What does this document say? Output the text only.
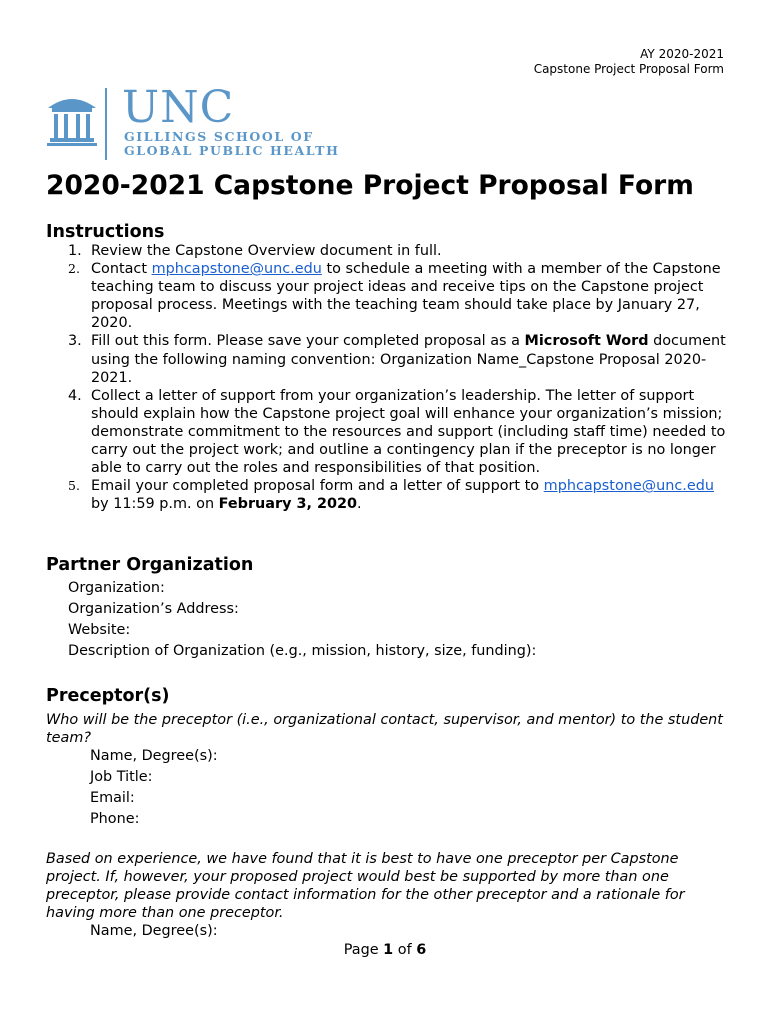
AY 2020-2021
Capstone Project Proposal Form
UNC
GILLINGS SCHOOL OF
GLOBAL PUBLIC HEALTH
2020-2021 Capstone Project Proposal Form
Instructions
1. Review the Capstone Overview document in full.
2. Contact mphcapstone@unc.edu to schedule a meeting with a member of the Capstone teaching team to discuss your project ideas and receive tips on the Capstone project proposal process. Meetings with the teaching team should take place by January 27, 2020.
3. Fill out this form. Please save your completed proposal as a Microsoft Word document using the following naming convention: Organization Name_Capstone Proposal 2020-2021.
4. Collect a letter of support from your organization’s leadership. The letter of support should explain how the Capstone project goal will enhance your organization’s mission; demonstrate commitment to the resources and support (including staff time) needed to carry out the project work; and outline a contingency plan if the preceptor is no longer able to carry out the roles and responsibilities of that position.
5. Email your completed proposal form and a letter of support to mphcapstone@unc.edu by 11:59 p.m. on February 3, 2020.
Partner Organization
Organization:
Organization’s Address:
Website:
Description of Organization (e.g., mission, history, size, funding):
Preceptor(s)
Who will be the preceptor (i.e., organizational contact, supervisor, and mentor) to the student team?
Name, Degree(s):
Job Title:
Email:
Phone:
Based on experience, we have found that it is best to have one preceptor per Capstone project. If, however, your proposed project would best be supported by more than one preceptor, please provide contact information for the other preceptor and a rationale for having more than one preceptor.
Name, Degree(s):
Page 1 of 6
